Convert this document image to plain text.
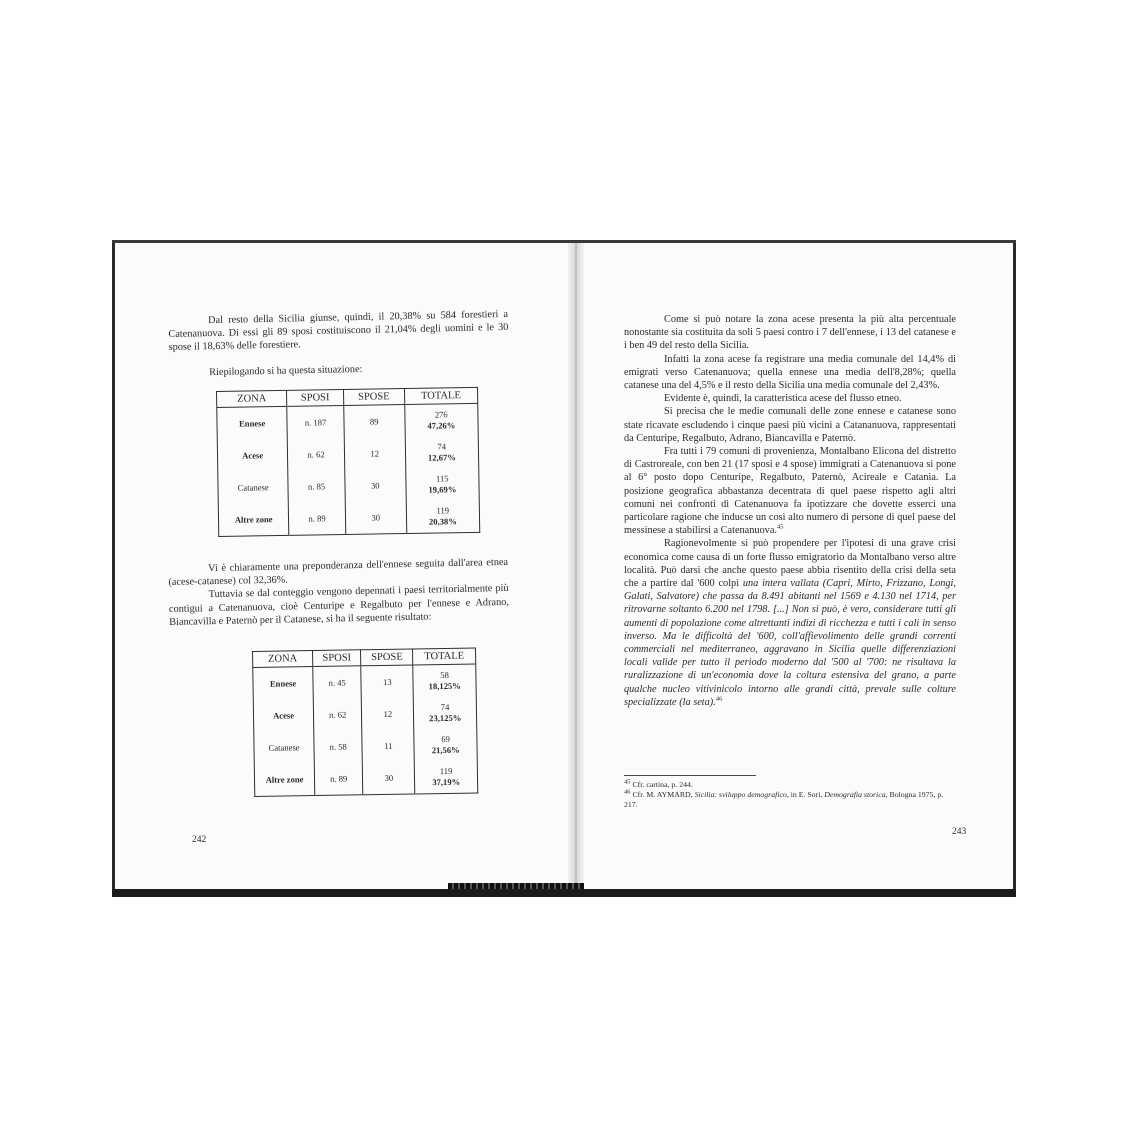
Dal resto della Sicilia giunse, quindi, il 20,38% su 584 forestieri a Catenanuova. Di essi gli 89 sposi costituiscono il 21,04% degli uomini e le 30 spose il 18,63% delle forestiere.

Riepilogando si ha questa situazione:

ZONA	SPOSI	SPOSE	TOTALE
Ennese	n. 187	89	276
47,26%

Acese	n. 62	12	74
12,67%

Catanese	n. 85	30	115
19,69%

Altre zone	n. 89	30	119
20,38%

Vi è chiaramente una preponderanza dell'ennese seguita dall'area etnea (acese-catanese) col 32,36%.

Tuttavia se dal conteggio vengono depennati i paesi territorialmente più contigui a Catenanuova, cioè Centuripe e Regalbuto per l'ennese e Adrano, Biancavilla e Paternò per il Catanese, si ha il seguente risultato:

ZONA	SPOSI	SPOSE	TOTALE
Ennese	n. 45	13	58
18,125%

Acese	n. 62	12	74
23,125%

Catanese	n. 58	11	69
21,56%

Altre zone	n. 89	30	119
37,19%
242

Come si può notare la zona acese presenta la più alta percentuale nonostante sia costituita da soli 5 paesi contro i 7 dell'ennese, i 13 del catanese e i ben 49 del resto della Sicilia.

Infatti la zona acese fa registrare una media comunale del 14,4% di emigrati verso Catenanuova; quella ennese una media dell'8,28%; quella catanese una del 4,5% e il resto della Sicilia una media comunale del 2,43%.

Evidente è, quindi, la caratteristica acese del flusso etneo.

Si precisa che le medie comunali delle zone ennese e catanese sono state ricavate escludendo i cinque paesi più vicini a Catananuova, rappresentati da Centuripe, Regalbuto, Adrano, Biancavilla e Paternò.

Fra tutti i 79 comuni di provenienza, Montalbano Elicona del distretto di Castroreale, con ben 21 (17 sposi e 4 spose) immigrati a Catenanuova si pone al 6° posto dopo Centuripe, Regalbuto, Paternò, Acireale e Catania. La posizione geografica abbastanza decentrata di quel paese rispetto agli altri comuni nei confronti di Catenanuova fa ipotizzare che dovette esserci una particolare ragione che inducse un così alto numero di persone di quel paese del messinese a stabilirsi a Catenanuova.$^{45}$

Ragionevolmente si può propendere per l'ipotesi di una grave crisi economica come causa di un forte flusso emigratorio da Montalbano verso altre località. Può darsi che anche questo paese abbia risentito della crisi della seta che a partire dal '600 colpì una intera vallata (Capri, Mirto, Frizzano, Longi, Galati, Salvatore) che passa da 8.491 abitanti nel 1569 e 4.130 nel 1714, per ritrovarne soltanto 6.200 nel 1798. [...] Non si può, è vero, considerare tutti gli aumenti di popolazione come altrettanti indizi di ricchezza e tutti i cali in senso inverso. Ma le difficoltà del '600, coll'affievolimento delle grandi correnti commerciali nel mediterraneo, aggravano in Sicilia quelle differenziazioni locali valide per tutto il periodo moderno dal '500 al '700: ne risultava la ruralizzazione di un'economia dove la coltura estensiva del grano, a parte qualche nucleo vitivinicolo intorno alle grandi città, prevale sulle colture specializzate (la seta).$^{46}$

$^{45}$ Cfr. cartina, p. 244.

$^{46}$ Cfr. M. AYMARD, Sicilia: sviluppo demografico, in E. Sori, Demografia storica, Bologna 1975, p. 217.

243
